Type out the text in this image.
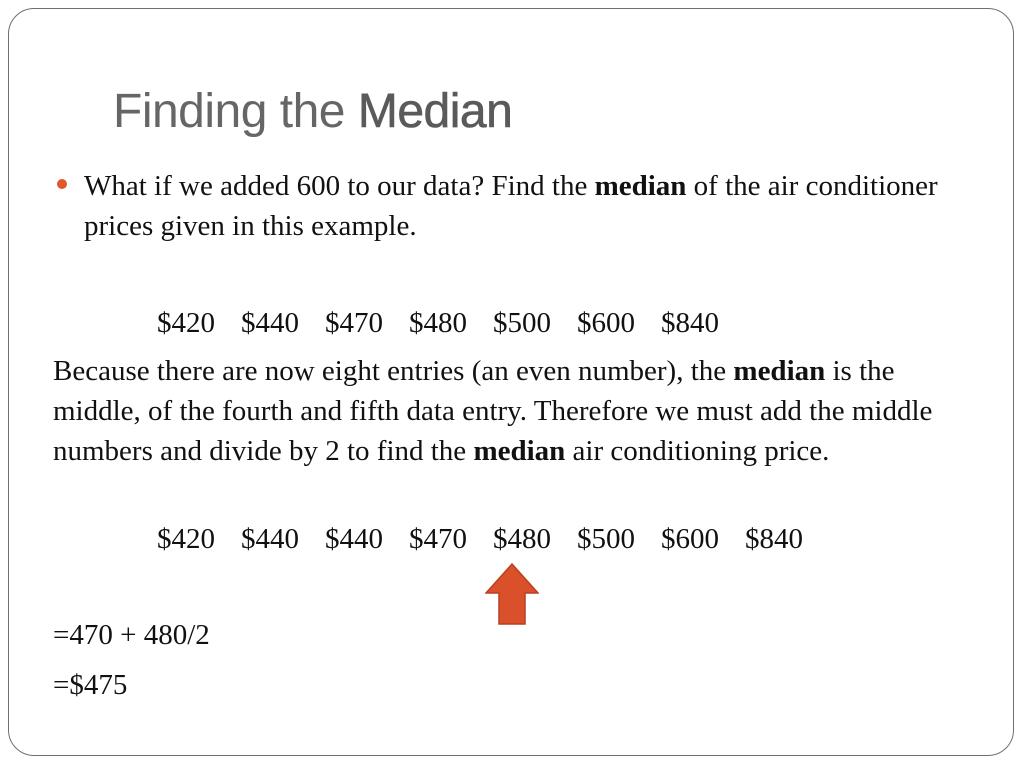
Finding the Median
What if we added 600 to our data? Find the median of the air conditioner prices given in this example.
$420 $440 $470 $480 $500 $600 $840
Because there are now eight entries (an even number), the median is the middle, of the fourth and fifth data entry. Therefore we must add the middle numbers and divide by 2 to find the median air conditioning price.
$420 $440 $440 $470 $480 $500 $600 $840
=470 + 480/2
=$475
